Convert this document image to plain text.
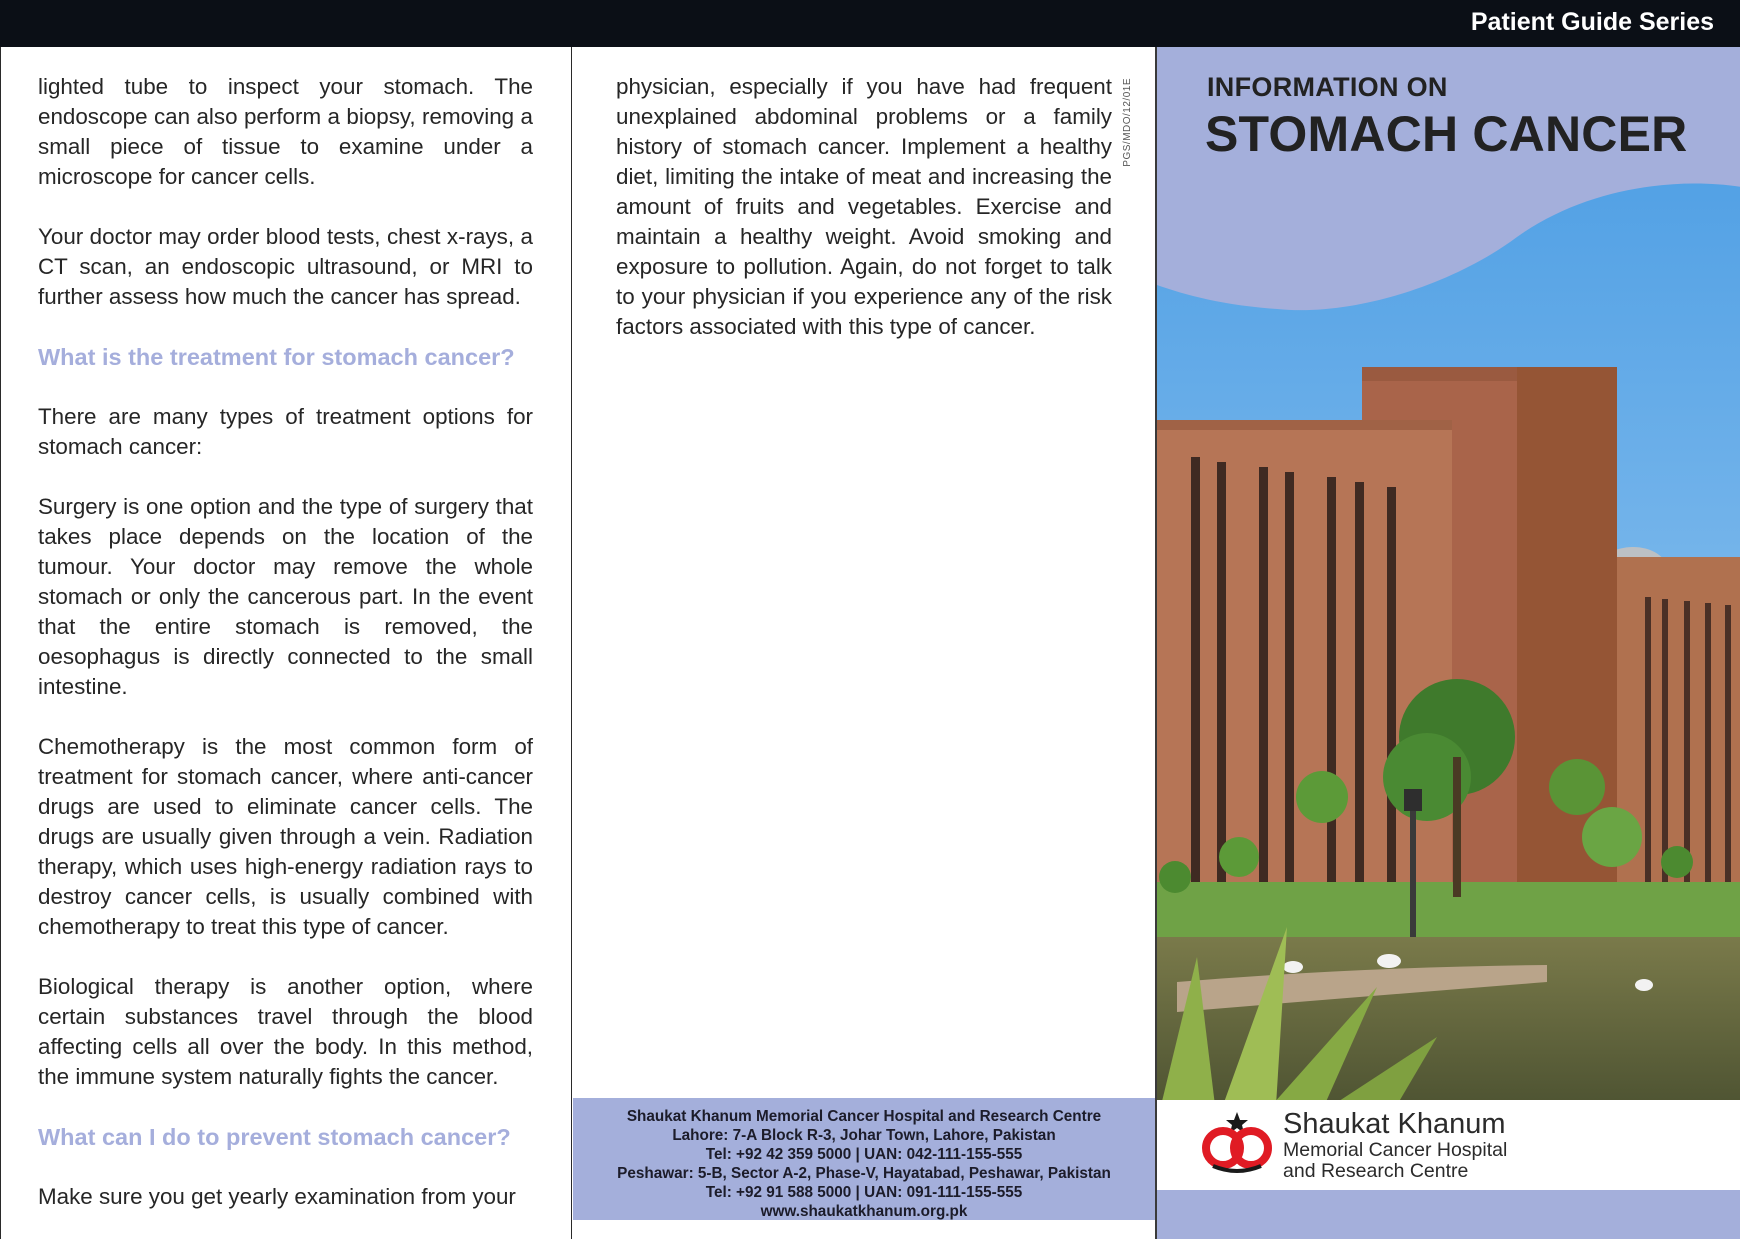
Patient Guide Series

lighted tube to inspect your stomach. The endoscope can also perform a biopsy, removing a small piece of tissue to examine under a microscope for cancer cells.

Your doctor may order blood tests, chest x-rays, a CT scan, an endoscopic ultrasound, or MRI to further assess how much the cancer has spread.

What is the treatment for stomach cancer?

There are many types of treatment options for stomach cancer:

Surgery is one option and the type of surgery that takes place depends on the location of the tumour. Your doctor may remove the whole stomach or only the cancerous part. In the event that the entire stomach is removed, the oesophagus is directly connected to the small intestine.

Chemotherapy is the most common form of treatment for stomach cancer, where anti-cancer drugs are used to eliminate cancer cells. The drugs are usually given through a vein. Radiation therapy, which uses high-energy radiation rays to destroy cancer cells, is usually combined with chemotherapy to treat this type of cancer.

Biological therapy is another option, where certain substances travel through the blood affecting cells all over the body. In this method, the immune system naturally fights the cancer.

What can I do to prevent stomach cancer?

Make sure you get yearly examination from your

physician, especially if you have had frequent unexplained abdominal problems or a family history of stomach cancer. Implement a healthy diet, limiting the intake of meat and increasing the amount of fruits and vegetables. Exercise and maintain a healthy weight. Avoid smoking and exposure to pollution. Again, do not forget to talk to your physician if you experience any of the risk factors associated with this type of cancer.

Shaukat Khanum Memorial Cancer Hospital and Research Centre
Lahore: 7-A Block R-3, Johar Town, Lahore, Pakistan
Tel: +92 42 359 5000 | UAN: 042-111-155-555
Peshawar: 5-B, Sector A-2, Phase-V, Hayatabad, Peshawar, Pakistan
Tel: +92 91 588 5000 | UAN: 091-111-155-555
www.shaukatkhanum.org.pk
PGS/MDO/12/01E	INFORMATION ON
STOMACH CANCER
Shaukat Khanum
Memorial Cancer Hospital
and Research Centre
